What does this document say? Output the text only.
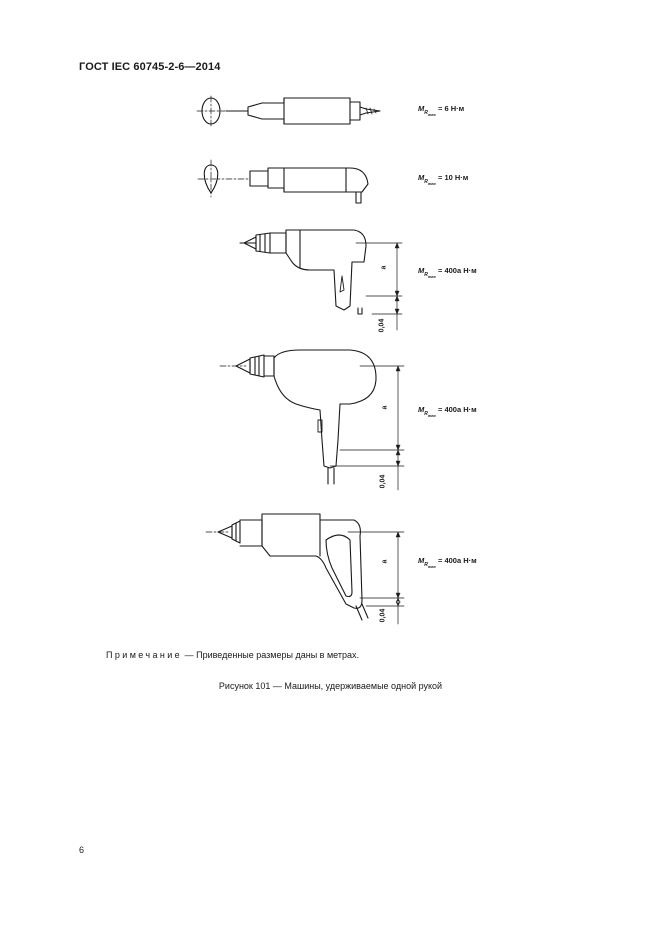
ГОСТ IEC 60745-2-6—2014
$M_{R_{max}} = 6$ Н·м
$M_{R_{max}} = 10$ Н·м
$M_{R_{max}} = 400a$ Н·м
$M_{R_{max}} = 400a$ Н·м
$M_{R_{max}} = 400a$ Н·м
a
0,04
a
0,04
a
0,04
Примечание — Приведенные размеры даны в метрах.
Рисунок 101 — Машины, удерживаемые одной рукой
6
